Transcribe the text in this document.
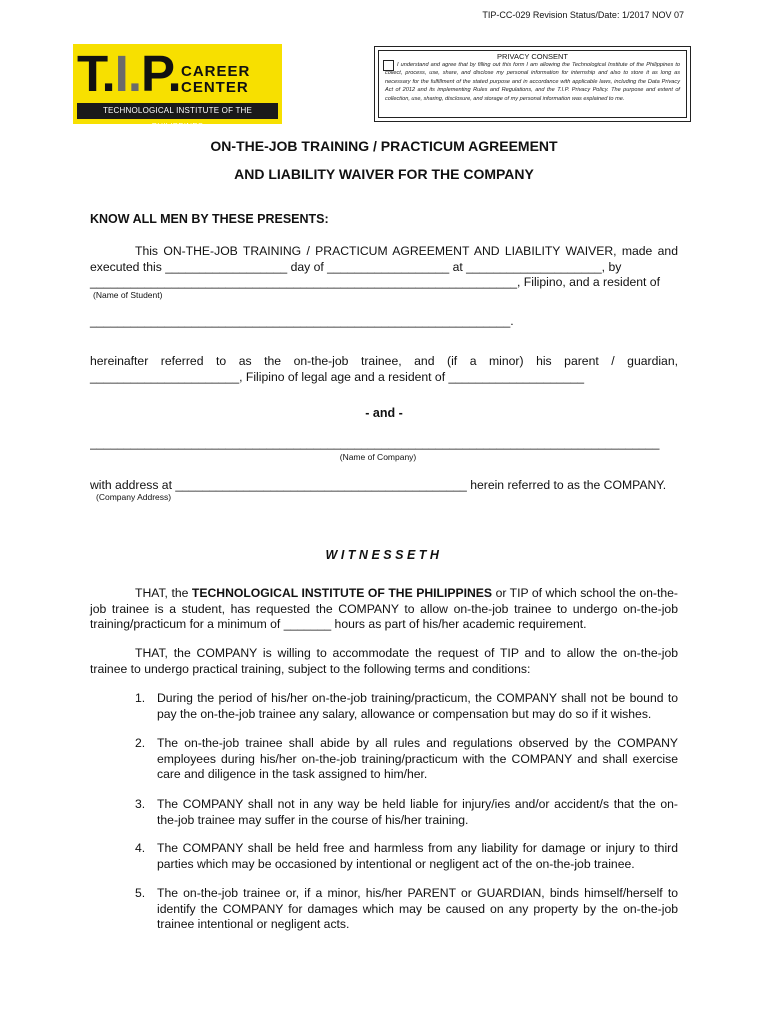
TIP-CC-029 Revision Status/Date: 1/2017 NOV 07
T.I.P. CAREER
CENTER
TECHNOLOGICAL INSTITUTE OF THE PHILIPPINES
PRIVACY CONSENT
I understand and agree that by filling out this form I am allowing the Technological Institute of the Philippines to collect, process, use, share, and disclose my personal information for internship and also to store it as long as necessary for the fulfillment of the stated purpose and in accordance with applicable laws, including the Data Privacy Act of 2012 and its implementing Rules and Regulations, and the T.I.P. Privacy Policy. The purpose and extent of collection, use, sharing, disclosure, and storage of my personal information was explained to me.
ON-THE-JOB TRAINING / PRACTICUM AGREEMENT
AND LIABILITY WAIVER FOR THE COMPANY
KNOW ALL MEN BY THESE PRESENTS:
This ON-THE-JOB TRAINING / PRACTICUM AGREEMENT AND LIABILITY WAIVER, made and executed this __________________ day of __________________ at ____________________, by
_______________________________________________________________, Filipino, and a resident of
(Name of Student)
______________________________________________________________.
hereinafter referred to as the on-the-job trainee, and (if a minor) his parent / guardian, ______________________, Filipino of legal age and a resident of ____________________
- and -
____________________________________________________________________________________
(Name of Company)
with address at ___________________________________________ herein referred to as the COMPANY.
(Company Address)
WITNESSETH
THAT, the TECHNOLOGICAL INSTITUTE OF THE PHILIPPINES or TIP of which school the on-the-job trainee is a student, has requested the COMPANY to allow on-the-job trainee to undergo on-the-job training/practicum for a minimum of _______ hours as part of his/her academic requirement.
THAT, the COMPANY is willing to accommodate the request of TIP and to allow the on-the-job trainee to undergo practical training, subject to the following terms and conditions:
1. During the period of his/her on-the-job training/practicum, the COMPANY shall not be bound to pay the on-the-job trainee any salary, allowance or compensation but may do so if it wishes.
2. The on-the-job trainee shall abide by all rules and regulations observed by the COMPANY employees during his/her on-the-job training/practicum with the COMPANY and shall exercise care and diligence in the task assigned to him/her.
3. The COMPANY shall not in any way be held liable for injury/ies and/or accident/s that the on-the-job trainee may suffer in the course of his/her training.
4. The COMPANY shall be held free and harmless from any liability for damage or injury to third parties which may be occasioned by intentional or negligent act of the on-the-job trainee.
5. The on-the-job trainee or, if a minor, his/her PARENT or GUARDIAN, binds himself/herself to identify the COMPANY for damages which may be caused on any property by the on-the-job trainee intentional or negligent acts.
